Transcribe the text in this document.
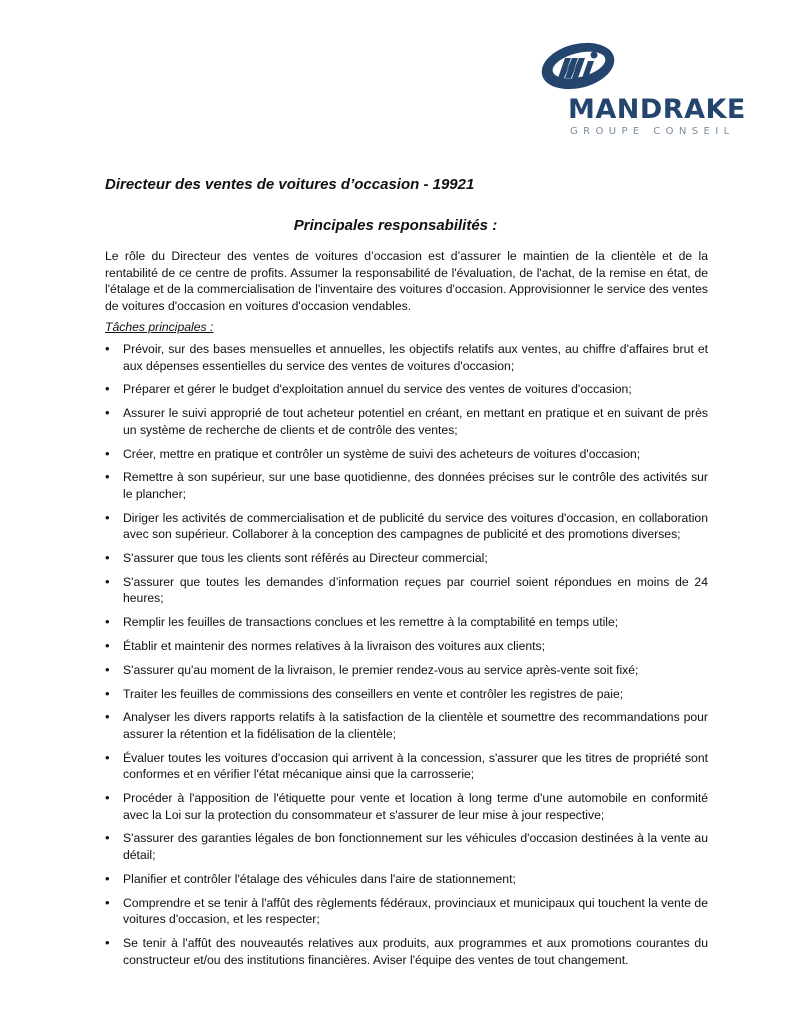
MANDRAKE
GROUPE CONSEIL
Directeur des ventes de voitures d’occasion - 19921
Principales responsabilités :

Le rôle du Directeur des ventes de voitures d’occasion est d’assurer le maintien de la clientèle et de la rentabilité de ce centre de profits. Assumer la responsabilité de l'évaluation, de l'achat, de la remise en état, de l'étalage et de la commercialisation de l'inventaire des voitures d'occasion. Approvisionner le service des ventes de voitures d'occasion en voitures d'occasion vendables.

Tâches principales :

• Prévoir, sur des bases mensuelles et annuelles, les objectifs relatifs aux ventes, au chiffre d'affaires brut et aux dépenses essentielles du service des ventes de voitures d'occasion;
• Préparer et gérer le budget d'exploitation annuel du service des ventes de voitures d'occasion;
• Assurer le suivi approprié de tout acheteur potentiel en créant, en mettant en pratique et en suivant de près un système de recherche de clients et de contrôle des ventes;
• Créer, mettre en pratique et contrôler un système de suivi des acheteurs de voitures d'occasion;
• Remettre à son supérieur, sur une base quotidienne, des données précises sur le contrôle des activités sur le plancher;
• Diriger les activités de commercialisation et de publicité du service des voitures d'occasion, en collaboration avec son supérieur. Collaborer à la conception des campagnes de publicité et des promotions diverses;
• S'assurer que tous les clients sont référés au Directeur commercial;
• S'assurer que toutes les demandes d’information reçues par courriel soient répondues en moins de 24 heures;
• Remplir les feuilles de transactions conclues et les remettre à la comptabilité en temps utile;
• Établir et maintenir des normes relatives à la livraison des voitures aux clients;
• S'assurer qu'au moment de la livraison, le premier rendez-vous au service après-vente soit fixé;
• Traiter les feuilles de commissions des conseillers en vente et contrôler les registres de paie;
• Analyser les divers rapports relatifs à la satisfaction de la clientèle et soumettre des recommandations pour assurer la rétention et la fidélisation de la clientèle;
• Évaluer toutes les voitures d'occasion qui arrivent à la concession, s'assurer que les titres de propriété sont conformes et en vérifier l'état mécanique ainsi que la carrosserie;
• Procéder à l'apposition de l'étiquette pour vente et location à long terme d'une automobile en conformité avec la Loi sur la protection du consommateur et s'assurer de leur mise à jour respective;
• S'assurer des garanties légales de bon fonctionnement sur les véhicules d'occasion destinées à la vente au détail;
• Planifier et contrôler l'étalage des véhicules dans l'aire de stationnement;
• Comprendre et se tenir à l'affût des règlements fédéraux, provinciaux et municipaux qui touchent la vente de voitures d'occasion, et les respecter;
• Se tenir à l'affût des nouveautés relatives aux produits, aux programmes et aux promotions courantes du constructeur et/ou des institutions financières. Aviser l'équipe des ventes de tout changement.
